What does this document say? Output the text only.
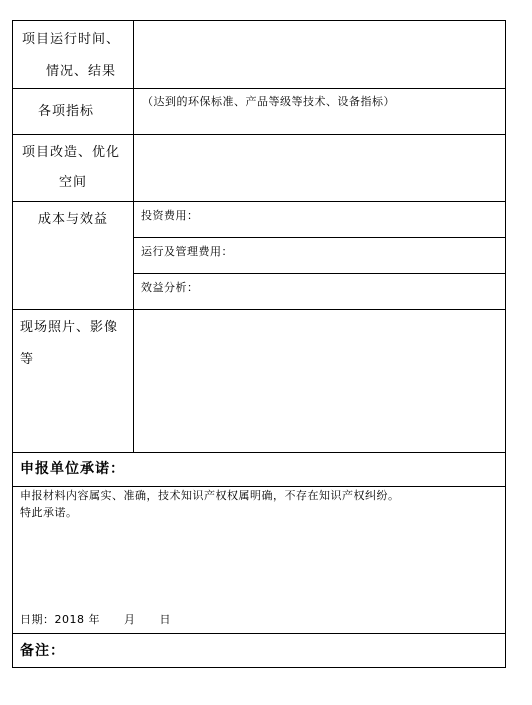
项目运行时间、
情况、结果
各项指标
（达到的环保标准、产品等级等技术、设备指标）
项目改造、优化
空间
成本与效益	投资费用：
运行及管理费用：
效益分析：
现场照片、影像
等
申报单位承诺：
申报材料内容属实、准确，技术知识产权权属明确，不存在知识产权纠纷。
特此承诺。
日期：2018 年      月      日
备注：
